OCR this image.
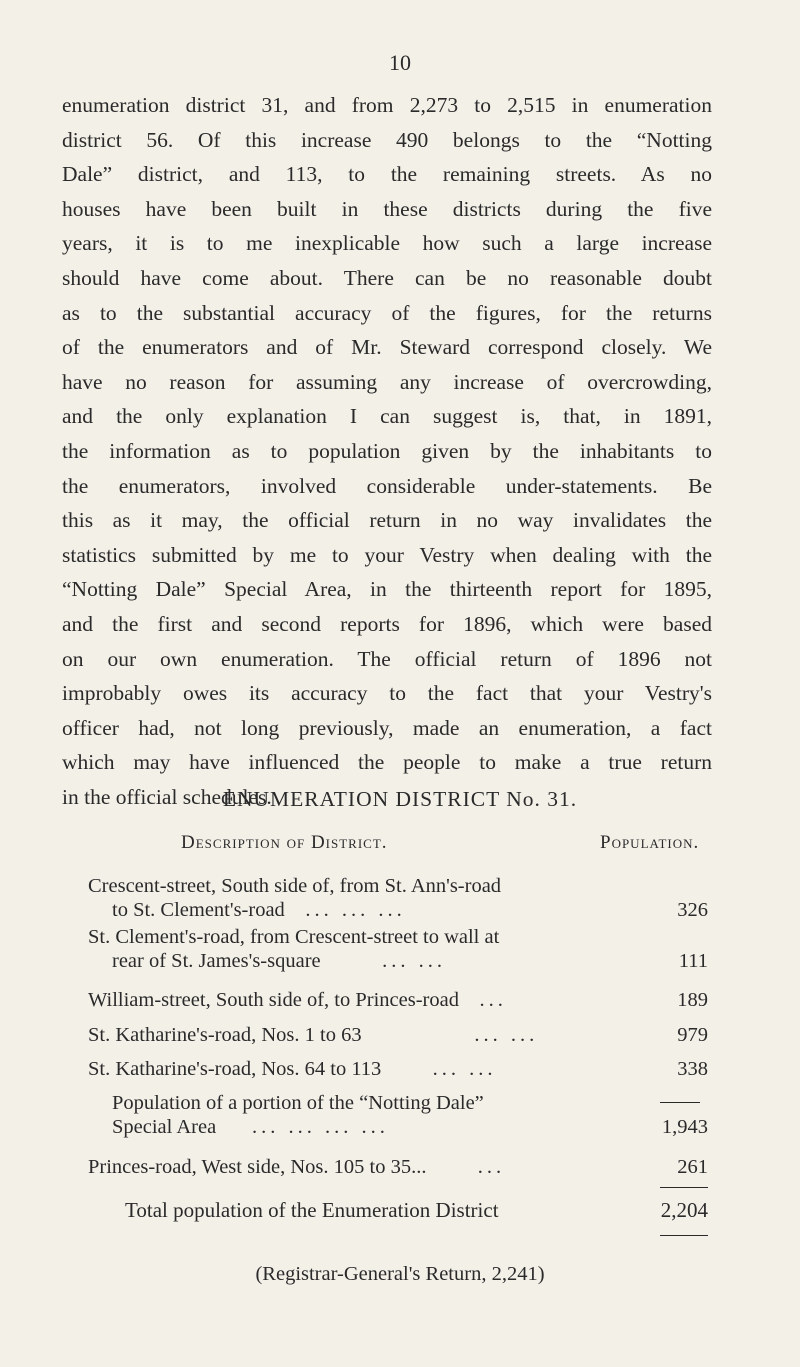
10
enumeration district 31, and from 2,273 to 2,515 in enumeration
district 56. Of this increase 490 belongs to the “Notting
Dale” district, and 113, to the remaining streets. As no
houses have been built in these districts during the five
years, it is to me inexplicable how such a large increase
should have come about. There can be no reasonable doubt
as to the substantial accuracy of the figures, for the returns
of the enumerators and of Mr. Steward correspond closely. We
have no reason for assuming any increase of overcrowding,
and the only explanation I can suggest is, that, in 1891,
the information as to population given by the inhabitants to
the enumerators, involved considerable under-statements. Be
this as it may, the official return in no way invalidates the
statistics submitted by me to your Vestry when dealing with the
“Notting Dale” Special Area, in the thirteenth report for 1895,
and the first and second reports for 1896, which were based
on our own enumeration. The official return of 1896 not
improbably owes its accuracy to the fact that your Vestry's
officer had, not long previously, made an enumeration, a fact
which may have influenced the people to make a true return
in the official schedules.
ENUMERATION DISTRICT No. 31.
Description of District.	Population.
Crescent-street, South side of, from St. Ann's-road
to St. Clement's-road ... ... ...	326
St. Clement's-road, from Crescent-street to wall at
rear of St. James's-square	... ...	111
William-street, South side of, to Princes-road ...	189
St. Katharine's-road, Nos. 1 to 63	... ...	979
St. Katharine's-road, Nos. 64 to 113	... ...	338
Population of a portion of the “Notting Dale”
Special Area ... ... ... ...	1,943
Princes-road, West side, Nos. 105 to 35...	...	261
Total population of the Enumeration District	2,204
(Registrar-General's Return, 2,241)
